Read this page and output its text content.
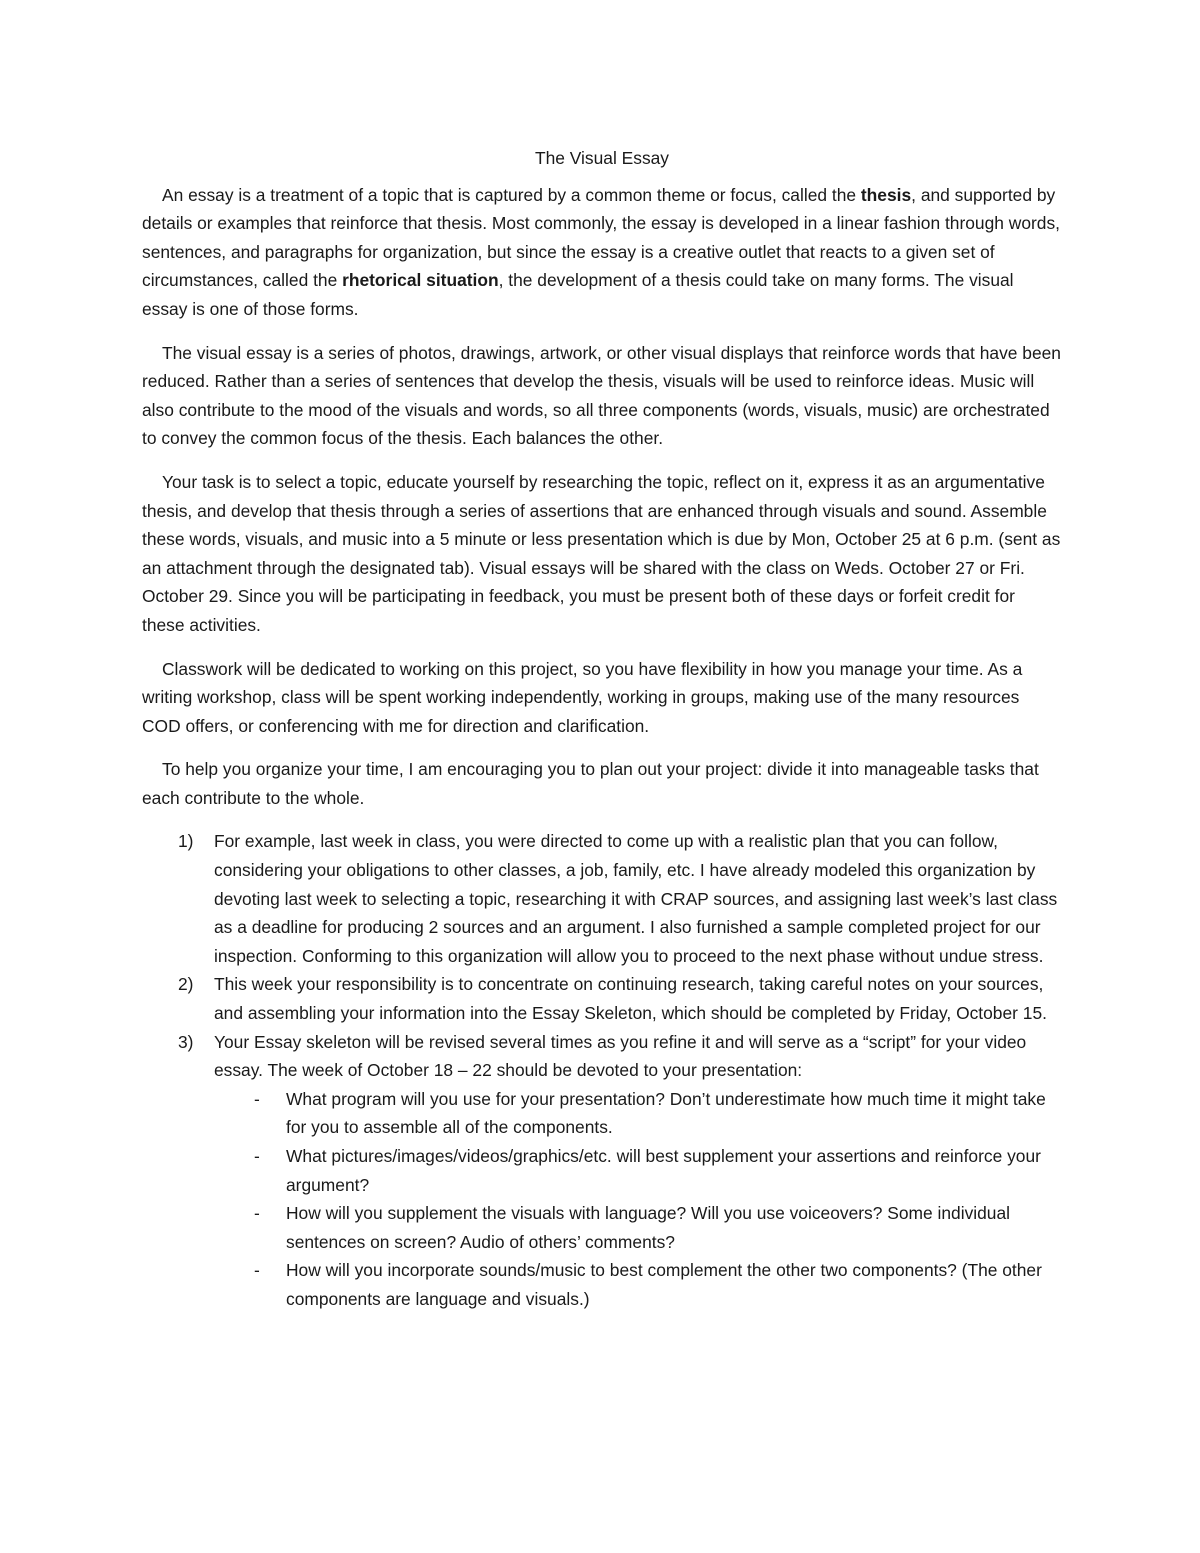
The Visual Essay

An essay is a treatment of a topic that is captured by a common theme or focus, called the thesis, and supported by details or examples that reinforce that thesis. Most commonly, the essay is developed in a linear fashion through words, sentences, and paragraphs for organization, but since the essay is a creative outlet that reacts to a given set of circumstances, called the rhetorical situation, the development of a thesis could take on many forms. The visual essay is one of those forms.

The visual essay is a series of photos, drawings, artwork, or other visual displays that reinforce words that have been reduced. Rather than a series of sentences that develop the thesis, visuals will be used to reinforce ideas. Music will also contribute to the mood of the visuals and words, so all three components (words, visuals, music) are orchestrated to convey the common focus of the thesis. Each balances the other.

Your task is to select a topic, educate yourself by researching the topic, reflect on it, express it as an argumentative thesis, and develop that thesis through a series of assertions that are enhanced through visuals and sound. Assemble these words, visuals, and music into a 5 minute or less presentation which is due by Mon, October 25 at 6 p.m. (sent as an attachment through the designated tab). Visual essays will be shared with the class on Weds. October 27 or Fri. October 29. Since you will be participating in feedback, you must be present both of these days or forfeit credit for these activities.

Classwork will be dedicated to working on this project, so you have flexibility in how you manage your time. As a writing workshop, class will be spent working independently, working in groups, making use of the many resources COD offers, or conferencing with me for direction and clarification.

To help you organize your time, I am encouraging you to plan out your project: divide it into manageable tasks that each contribute to the whole.

1) For example, last week in class, you were directed to come up with a realistic plan that you can follow, considering your obligations to other classes, a job, family, etc. I have already modeled this organization by devoting last week to selecting a topic, researching it with CRAP sources, and assigning last week’s last class as a deadline for producing 2 sources and an argument. I also furnished a sample completed project for our inspection. Conforming to this organization will allow you to proceed to the next phase without undue stress.
2) This week your responsibility is to concentrate on continuing research, taking careful notes on your sources, and assembling your information into the Essay Skeleton, which should be completed by Friday, October 15.
3) Your Essay skeleton will be revised several times as you refine it and will serve as a “script” for your video essay. The week of October 18 – 22 should be devoted to your presentation:
- What program will you use for your presentation? Don’t underestimate how much time it might take for you to assemble all of the components.
- What pictures/images/videos/graphics/etc. will best supplement your assertions and reinforce your argument?
- How will you supplement the visuals with language? Will you use voiceovers? Some individual sentences on screen? Audio of others’ comments?
- How will you incorporate sounds/music to best complement the other two components? (The other components are language and visuals.)
